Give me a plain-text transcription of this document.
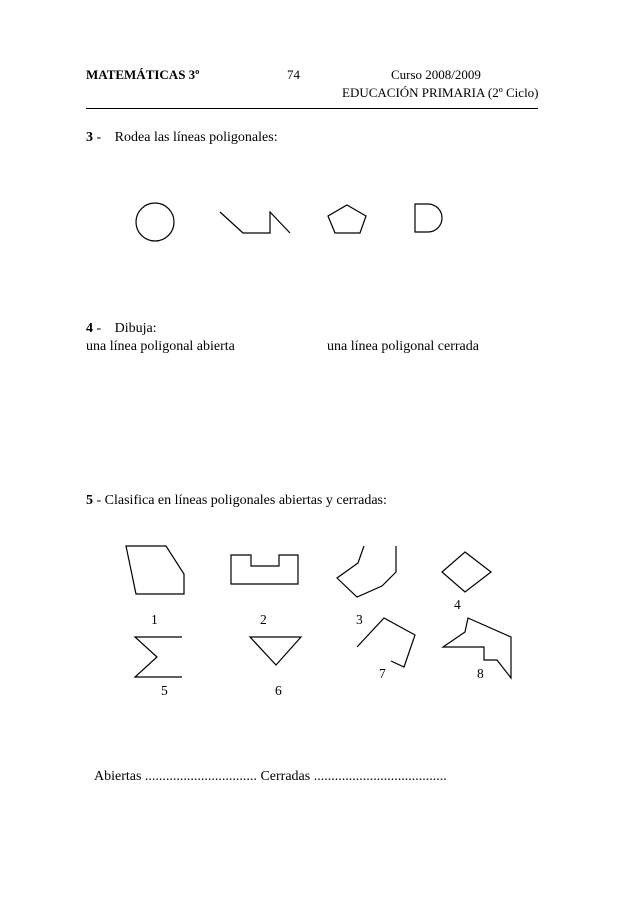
MATEMÁTICAS 3º	74	Curso 2008/2009
EDUCACIÓN PRIMARIA (2º Ciclo)
3 - Rodea las líneas poligonales:
4 - Dibuja:
una línea poligonal abierta	una línea poligonal cerrada
5 - Clasifica en líneas poligonales abiertas y cerradas:
1	2	3
4
5	6
7	8
Abiertas ................................ Cerradas ......................................
